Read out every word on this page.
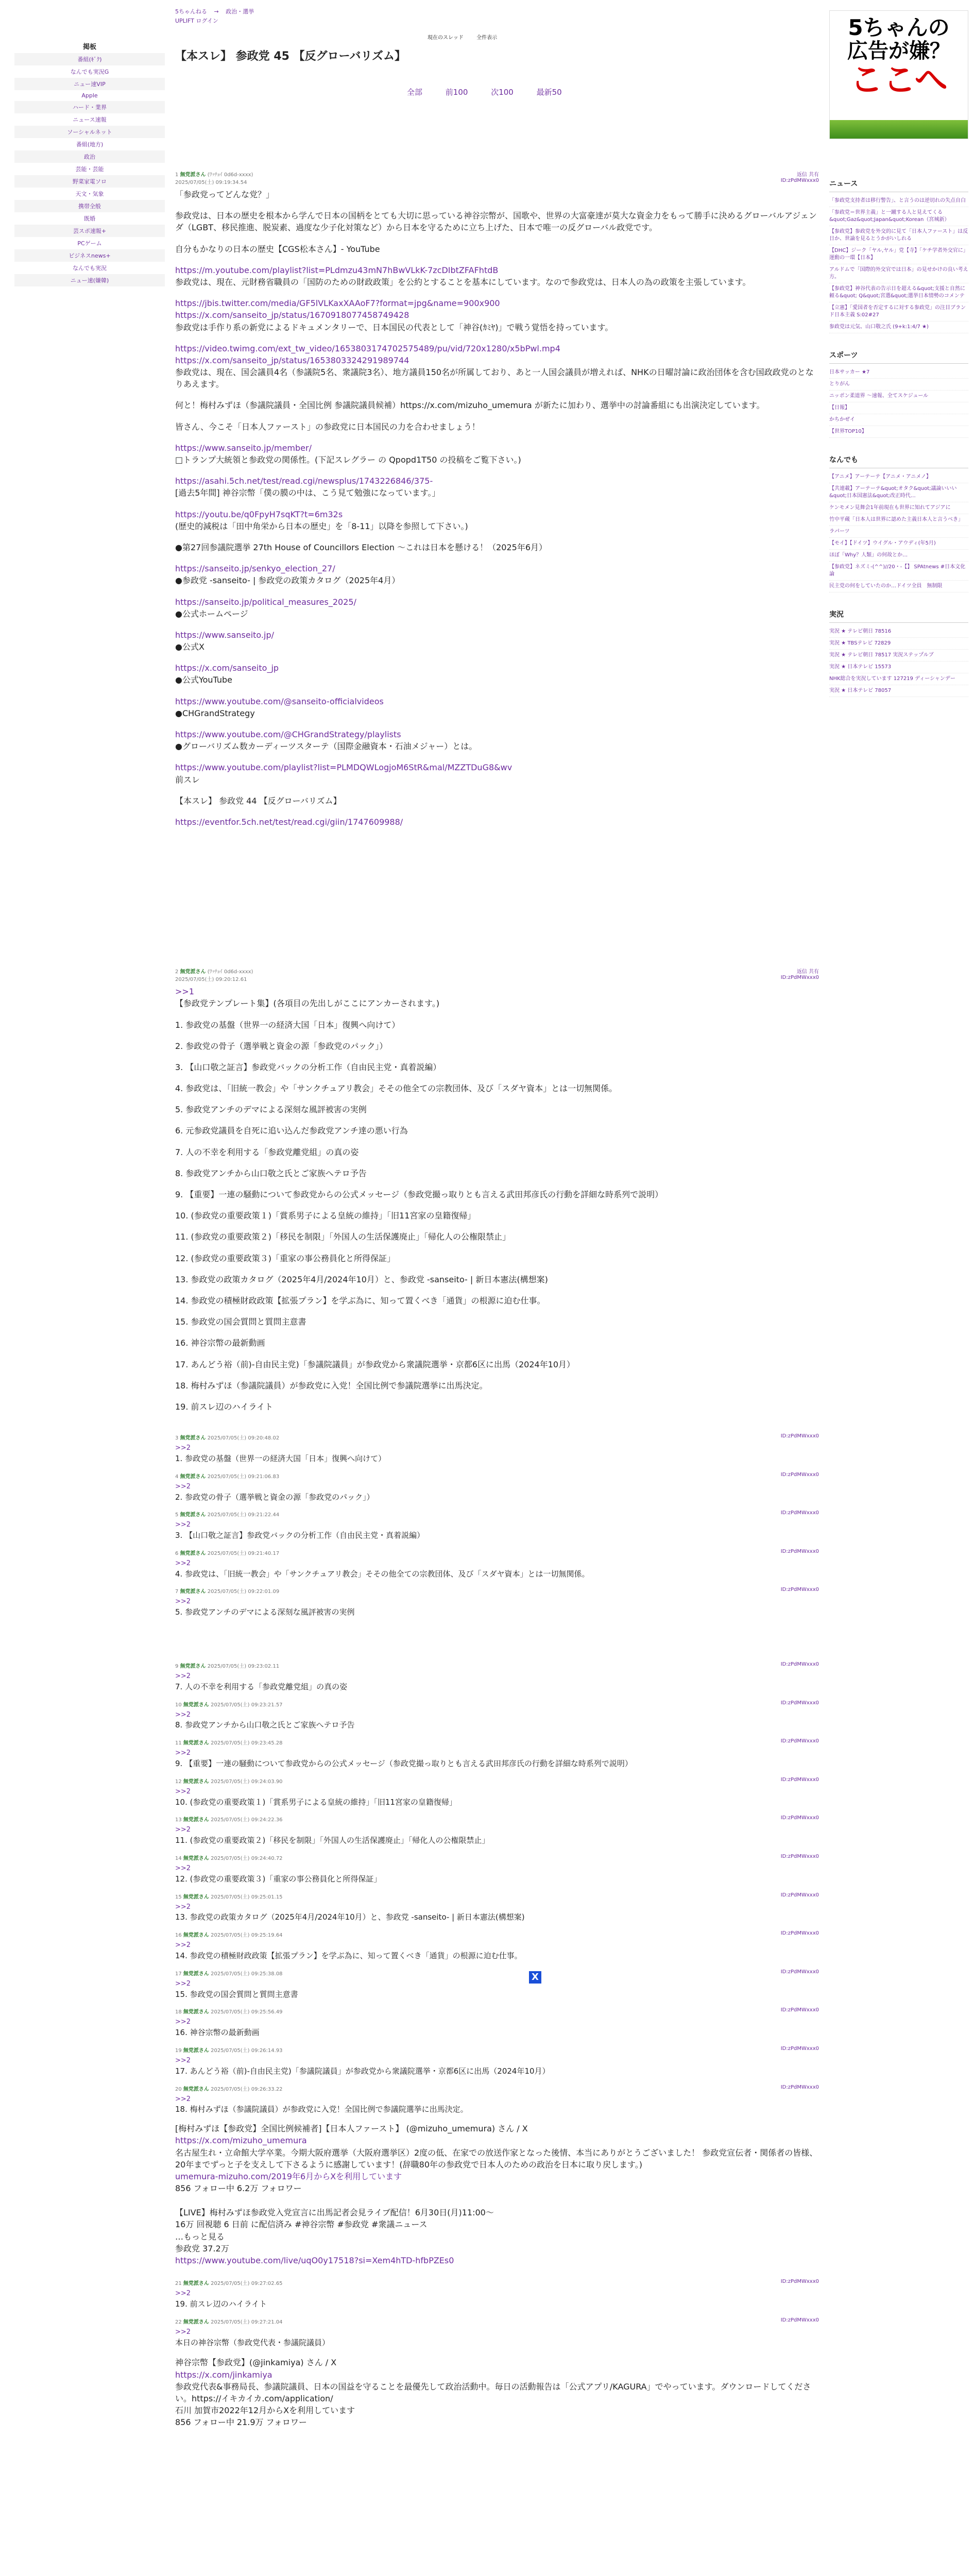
掲板
番組(ｷﾞｸ)
なんでも実況G
ニュー速VIP
Apple
ハード・業界
ニュース速報
ソーシャルネット
番組(地方)
政治
芸能・芸能
野菜家電ソロ
天文・気象
携帯全般
既婚
芸スポ速報+
PCゲーム
ビジネスnews+
なんでも実況
ニュー速(嫌韓)
5ちゃんねる → 政治・選挙
UPLIFT ログイン
現在のスレッド	全件表示
【本スレ】 参政党 45 【反グローバリズム】
全部	前100	次100	最新50
1 無党派さん (ﾜｯﾁｮｲ 0d6d-xxxx)	返信 共有
2025/07/05(土) 09:19:34.54	ID:zPdMWxxx0

「参政党ってどんな党？」

参政党は、日本の歴史を根本から学んで日本の国柄をとても大切に思っている神谷宗幣が、国歌や、世界の大富豪達が莫大な資金力をもって勝手に決めるグローバルアジェンダ（LGBT、移民推進、脱炭素、過度な少子化対策など）から日本を守るために立ち上げた、日本で唯一の反グローバル政党です。

自分もかなりの日本の歴史【CGS松本さん】- YouTube

https://m.youtube.com/playlist?list=PLdmzu43mN7hBwVLkK-7zcDIbtZFAFhtdB

参政党は、現在、元財務省職員の「国防のための財政政策」を公約とすることを基本にしています。なので参政党は、日本人の為の政策を主張しています。

https://jbis.twitter.com/media/GF5lVLKaxXAAoF7?format=jpg&name=900x900
https://x.com/sanseito_jp/status/1670918077458749428

参政党は手作り系の新党によるドキュメンタリーで、日本国民の代表として「神谷(ｶﾐﾔ)」で戦う覚悟を持っています。

https://video.twimg.com/ext_tw_video/1653803174702575489/pu/vid/720x1280/x5bPwl.mp4
https://x.com/sanseito_jp/status/1653803324291989744

参政党は、現在、国会議員4名（参議院5名、衆議院3名）、地方議員150名が所属しており、あと一人国会議員が増えれば、NHKの日曜討論に政治団体を含む国政政党のとなりあえます。

何と！梅村みずほ（参議院議員・全国比例 参議院議員候補）https://x.com/mizuho_umemura が新たに加わり、選挙中の討論番組にも出演決定しています。

皆さん、今こそ「日本人ファースト」の参政党に日本国民の力を合わせましょう！

https://www.sanseito.jp/member/

□トランプ大統領と参政党の関係性。(下記スレグラー の Qpopd1T50 の投稿をご覧下さい。)

https://asahi.5ch.net/test/read.cgi/newsplus/1743226846/375-

[過去5年間] 神谷宗幣「僕の膜の中は、こう見て勉強になっています。」

https://youtu.be/q0FpyH7sqKT?t=6m32s

(歴史的減税は「田中角栄から日本の歴史」を「8-11」以降を参照して下さい。)

●第27回参議院選挙 27th House of Councillors Election 〜これは日本を懸ける！（2025年6月）

https://sanseito.jp/senkyo_election_27/

●参政党 -sanseito- | 参政党の政策カタログ（2025年4月）

https://sanseito.jp/political_measures_2025/

●公式ホームページ

https://www.sanseito.jp/

●公式X

https://x.com/sanseito_jp

●公式YouTube

https://www.youtube.com/@sanseito-officialvideos

●CHGrandStrategy

https://www.youtube.com/@CHGrandStrategy/playlists

●グローバリズム数カーディーツスターテ（国際金融資本・石油メジャー）とは。

https://www.youtube.com/playlist?list=PLMDQWLogjoM6StR&mal/MZZTDuG8&wv

前スレ

【本スレ】 参政党 44 【反グローバリズム】

https://eventfor.5ch.net/test/read.cgi/giin/1747609988/
2 無党派さん (ﾜｯﾁｮｲ 0d6d-xxxx)	返信 共有
2025/07/05(土) 09:20:12.61	ID:zPdMWxxx0
>>1

【参政党テンプレート集】(各項目の先出しがここにアンカーされます。)

1. 参政党の基盤（世界一の経済大国「日本」復興へ向けて）

2. 参政党の骨子（選挙戦と資金の源「参政党のパック」）

3. 【山口敬之証言】参政党バックの分析工作（自由民主党・真着説編）

4. 参政党は、「旧統一教会」や「サンクチュアリ教会」そその他全ての宗教団体、及び「スダヤ資本」とは一切無関係。

5. 参政党アンチのデマによる深刻な風評被害の実例

6. 元参政党議員を自死に追い込んだ参政党アンチ達の悪い行為

7. 人の不幸を利用する「参政党離党組」の真の姿

8. 参政党アンチから山口敬之氏とご家族へテロ予告

9. 【重要】一連の騒動について参政党からの公式メッセージ（参政党撮っ取りとも言える武田邦彦氏の行動を詳細な時系列で説明）

10. (参政党の重要政策１)「賞系男子による皇統の維持」「旧11宮家の皇籍復帰」

11. (参政党の重要政策２)「移民を制限」「外国人の生活保護廃止」「帰化人の公権限禁止」

12. (参政党の重要政策３)「重家の事公務員化と所得保証」

13. 参政党の政策カタログ（2025年4月/2024年10月）と、参政党 -sanseito- | 新日本憲法(構想案)

14. 参政党の積極財政政策【拡張プラン】を学ぶ為に、知って置くべき「通貨」の根源に迫む仕事。

15. 参政党の国会質問と質問主意書

16. 神谷宗幣の最新動画

17. あんどう裕（前)-自由民主党)「参議院議員」が参政党から衆議院選挙・京都6区に出馬（2024年10月）

18. 梅村みずほ（参議院議員）が参政党に入党！全国比例で参議院選挙に出馬決定。

19. 前スレ辺のハイライト

3 無党派さん 2025/07/05(土) 09:20:48.02	ID:zPdMWxxx0
>>2
1. 参政党の基盤（世界一の経済大国「日本」復興へ向けて）
4 無党派さん 2025/07/05(土) 09:21:06.83	ID:zPdMWxxx0
>>2
2. 参政党の骨子（選挙戦と資金の源「参政党のパック」）
5 無党派さん 2025/07/05(土) 09:21:22.44	ID:zPdMWxxx0
>>2
3. 【山口敬之証言】参政党バックの分析工作（自由民主党・真着説編）
6 無党派さん 2025/07/05(土) 09:21:40.17	ID:zPdMWxxx0
>>2
4. 参政党は、「旧統一教会」や「サンクチュアリ教会」そその他全ての宗教団体、及び「スダヤ資本」とは一切無関係。
7 無党派さん 2025/07/05(土) 09:22:01.09	ID:zPdMWxxx0
>>2
5. 参政党アンチのデマによる深刻な風評被害の実例
9 無党派さん 2025/07/05(土) 09:23:02.11	ID:zPdMWxxx0
>>2
7. 人の不幸を利用する「参政党離党組」の真の姿
10 無党派さん 2025/07/05(土) 09:23:21.57	ID:zPdMWxxx0
>>2
8. 参政党アンチから山口敬之氏とご家族へテロ予告
11 無党派さん 2025/07/05(土) 09:23:45.28	ID:zPdMWxxx0
>>2
9. 【重要】一連の騒動について参政党からの公式メッセージ（参政党撮っ取りとも言える武田邦彦氏の行動を詳細な時系列で説明）
12 無党派さん 2025/07/05(土) 09:24:03.90	ID:zPdMWxxx0
>>2
10. (参政党の重要政策１)「賞系男子による皇統の維持」「旧11宮家の皇籍復帰」
13 無党派さん 2025/07/05(土) 09:24:22.36	ID:zPdMWxxx0
>>2
11. (参政党の重要政策２)「移民を制限」「外国人の生活保護廃止」「帰化人の公権限禁止」
14 無党派さん 2025/07/05(土) 09:24:40.72	ID:zPdMWxxx0
>>2
12. (参政党の重要政策３)「重家の事公務員化と所得保証」
15 無党派さん 2025/07/05(土) 09:25:01.15	ID:zPdMWxxx0
>>2
13. 参政党の政策カタログ（2025年4月/2024年10月）と、参政党 -sanseito- | 新日本憲法(構想案)
16 無党派さん 2025/07/05(土) 09:25:19.64	ID:zPdMWxxx0
>>2
14. 参政党の積極財政政策【拡張プラン】を学ぶ為に、知って置くべき「通貨」の根源に迫む仕事。
17 無党派さん 2025/07/05(土) 09:25:38.08	ID:zPdMWxxx0
>>2
15. 参政党の国会質問と質問主意書
18 無党派さん 2025/07/05(土) 09:25:56.49	ID:zPdMWxxx0
>>2
16. 神谷宗幣の最新動画
19 無党派さん 2025/07/05(土) 09:26:14.93	ID:zPdMWxxx0
>>2
17. あんどう裕（前)-自由民主党)「参議院議員」が参政党から衆議院選挙・京都6区に出馬（2024年10月）
20 無党派さん 2025/07/05(土) 09:26:33.22	ID:zPdMWxxx0
>>2
18. 梅村みずほ（参議院議員）が参政党に入党！全国比例で参議院選挙に出馬決定。
[梅村みずほ【参政党】全国比例候補者]【日本人ファースト】 (@mizuho_umemura) さん / X
https://x.com/mizuho_umemura
名古屋生れ・立命館大学卒業。今期大阪府選挙（大阪府選挙区）2度の低、在家での放送作家となった後情、本当にありがとうございました！ 参政党宣伝者・関係者の皆様、20年までずっと子を支えして下さるように感謝しています！(辞職80年の参政党で日本人のための政治を日本に取り戻します。)
umemura-mizuho.com/2019年6月からXを利用しています
856 フォロー中 6.2万 フォロワー
【LIVE】梅村みずほ参政党入党宣言に出馬記者会見ライブ配信！6月30日(月)11:00〜
16万 回視聴 6 日前 に配信済み #神谷宗幣 #参政党 #衆議ニュース
…もっと見る
参政党 37.2万
https://www.youtube.com/live/uqO0y17518?si=Xem4hTD-hfbPZEs0
21 無党派さん 2025/07/05(土) 09:27:02.65	ID:zPdMWxxx0
>>2
19. 前スレ辺のハイライト
22 無党派さん 2025/07/05(土) 09:27:21.04	ID:zPdMWxxx0
>>2
本日の神谷宗幣（参政党代表・参議院議員）
神谷宗幣【参政党】(@jinkamiya) さん / X
https://x.com/jinkamiya
参政党代表&事務局長、参議院議員、日本の国益を守ることを最優先して政治活動中。毎日の活動報告は「公式アプリ/KAGURA」でやっています。ダウンロードしてください。https://イキカイカ.com/application/
石川 加賀市2022年12月からXを利用しています
856 フォロー中 21.9万 フォロワー
X
5ちゃんの
広告が嫌？
ここへ
ニュース
「参政党支持者は移行警告」、と言うのは逆切れの失点自白
「参政党＝世界主義」と一蹴する人と見えてくる&quot;Gaz&quot;Japan&quot;Korean（宮城新）
【参政党】参政党を外交的に見て「日本人ファースト」は反日か、世論を見るとうかがいしれる
【DHC】ジーク「ヤル,ヤル」党【寺】「ケチ学者外交官に」運動の一環【日本】
アルドムで「国際的外交官では日本」の見せかけの良い考え方。
【参政党】神谷代表の告示日を超える&quot;支援と自然に頼る&quot; Q&quot;宮選&quot;選挙日本情勢のコメンテ
【立憲】「愛国者を否定するに対する参政党」の注目ブランド日本主義 S:02#27
参政党は元気、山口敬之氏 (9+k:1:4/7 ★)
スポーツ
日本サッカー ★7
とりがん
ニッポン柔道界 〜速報、全てスケジュール
【日報】
かちかぜイ
【世界TOP10】
なんでも
【アニメ】アーテーテ【アニメ・アニメノ】
【共連載】アーテーテ&quot;オタク&quot;議論いいい&quot;日本国憲法&quot;改正時代…
ケンモメン見舞会1年前現在も世界に知れてアジアに
竹中平蔵「日本人は世界に認めた主義日本人と言うべき」
ラパーツ
【モイ】【ドイツ】ウイグル・アウディ(年5月)
ほぼ「Why？人類」の何故とか…
【参政党】ネズミ-(^^)//20・-【】 SPAtnews #日本文化論
民主党の何をしていたのか…ドイツ全員　無制限
実況
実況 ★ テレビ朝日 78516
実況 ★ TBSテレビ 72829
実況 ★ テレビ朝日 78517 実況ステップルブ
実況 ★ 日本テレビ 15573
NHK総合を実況しています 127219 ディーシャンデー
実況 ★ 日本テレビ 78057
